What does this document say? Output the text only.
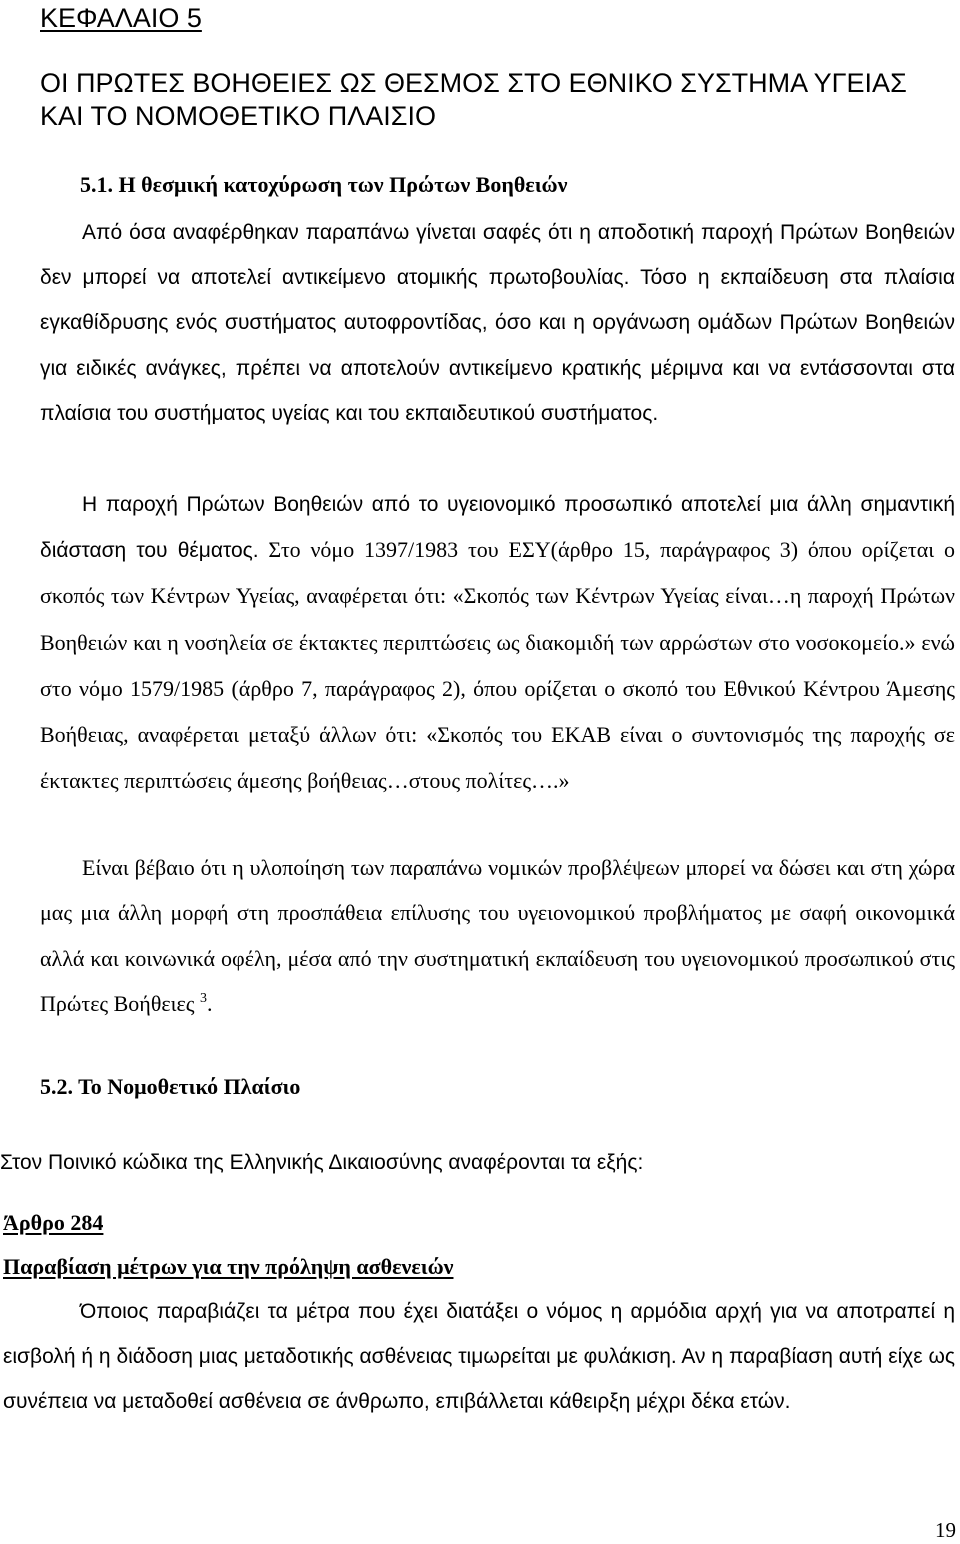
ΚΕΦΑΛΑΙΟ 5
ΟΙ ΠΡΩΤΕΣ ΒΟΗΘΕΙΕΣ ΩΣ ΘΕΣΜΟΣ ΣΤΟ ΕΘΝΙΚΟ ΣΥΣΤΗΜΑ ΥΓΕΙΑΣ ΚΑΙ ΤΟ ΝΟΜΟΘΕΤΙΚΟ ΠΛΑΙΣΙΟ
5.1. Η θεσμική κατοχύρωση των Πρώτων Βοηθειών

Από όσα αναφέρθηκαν παραπάνω γίνεται σαφές ότι η αποδοτική παροχή Πρώτων Βοηθειών δεν μπορεί να αποτελεί αντικείμενο ατομικής πρωτοβουλίας. Τόσο η εκπαίδευση στα πλαίσια εγκαθίδρυσης ενός συστήματος αυτοφροντίδας, όσο και η οργάνωση ομάδων Πρώτων Βοηθειών για ειδικές ανάγκες, πρέπει να αποτελούν αντικείμενο κρατικής μέριμνα και να εντάσσονται στα πλαίσια του συστήματος υγείας και του εκπαιδευτικού συστήματος.

Η παροχή Πρώτων Βοηθειών από το υγειονομικό προσωπικό αποτελεί μια άλλη σημαντική διάσταση του θέματος. Στο νόμο 1397/1983 του ΕΣΥ(άρθρο 15, παράγραφος 3) όπου ορίζεται ο σκοπός των Κέντρων Υγείας, αναφέρεται ότι: «Σκοπός των Κέντρων Υγείας είναι…η παροχή Πρώτων Βοηθειών και η νοσηλεία σε έκτακτες περιπτώσεις ως διακομιδή των αρρώστων στο νοσοκομείο.» ενώ στο νόμο 1579/1985 (άρθρο 7, παράγραφος 2), όπου ορίζεται ο σκοπό του Εθνικού Κέντρου Άμεσης Βοήθειας, αναφέρεται μεταξύ άλλων ότι: «Σκοπός του ΕΚΑΒ είναι ο συντονισμός της παροχής σε έκτακτες περιπτώσεις άμεσης βοήθειας…στους πολίτες….»

Είναι βέβαιο ότι η υλοποίηση των παραπάνω νομικών προβλέψεων μπορεί να δώσει και στη χώρα μας μια άλλη μορφή στη προσπάθεια επίλυσης του υγειονομικού προβλήματος με σαφή οικονομικά αλλά και κοινωνικά οφέλη, μέσα από την συστηματική εκπαίδευση του υγειονομικού προσωπικού στις Πρώτες Βοήθειες $^3$.

5.2. Το Νομοθετικό Πλαίσιο

Στον Ποινικό κώδικα της Ελληνικής Δικαιοσύνης αναφέρονται τα εξής:

Άρθρο 284

Παραβίαση μέτρων για την πρόληψη ασθενειών

Όποιος παραβιάζει τα μέτρα που έχει διατάξει ο νόμος η αρμόδια αρχή για να αποτραπεί η εισβολή ή η διάδοση μιας μεταδοτικής ασθένειας τιμωρείται με φυλάκιση. Αν η παραβίαση αυτή είχε ως συνέπεια να μεταδοθεί ασθένεια σε άνθρωπο, επιβάλλεται κάθειρξη μέχρι δέκα ετών.

19
